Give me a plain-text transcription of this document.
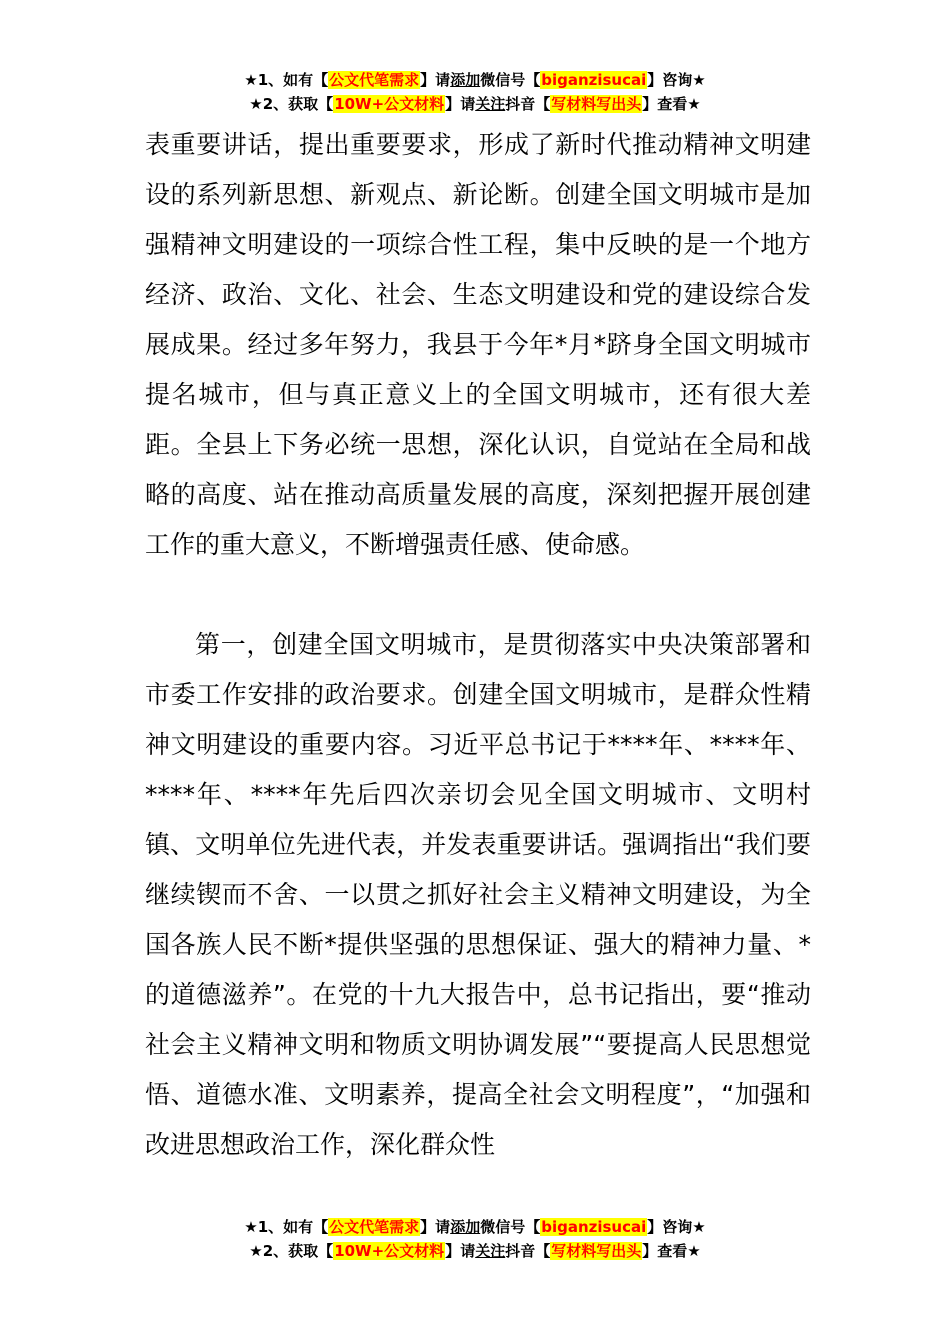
★1、如有【公文代笔需求】请添加微信号【biganzisucai】咨询★
★2、获取【10W+公文材料】请关注抖音【写材料写出头】查看★

表重要讲话，提出重要要求，形成了新时代推动精神文明建设的系列新思想、新观点、新论断。创建全国文明城市是加强精神文明建设的一项综合性工程，集中反映的是一个地方经济、政治、文化、社会、生态文明建设和党的建设综合发展成果。经过多年努力，我县于今年*月*跻身全国文明城市提名城市，但与真正意义上的全国文明城市，还有很大差距。全县上下务必统一思想，深化认识，自觉站在全局和战略的高度、站在推动高质量发展的高度，深刻把握开展创建工作的重大意义，不断增强责任感、使命感。

第一，创建全国文明城市，是贯彻落实中央决策部署和市委工作安排的政治要求。创建全国文明城市，是群众性精神文明建设的重要内容。习近平总书记于****年、****年、****年、****年先后四次亲切会见全国文明城市、文明村镇、文明单位先进代表，并发表重要讲话。强调指出“我们要继续锲而不舍、一以贯之抓好社会主义精神文明建设，为全国各族人民不断*提供坚强的思想保证、强大的精神力量、*的道德滋养”。在党的十九大报告中，总书记指出，要“推动社会主义精神文明和物质文明协调发展”“要提高人民思想觉悟、道德水准、文明素养，提高全社会文明程度”，“加强和改进思想政治工作，深化群众性

★1、如有【公文代笔需求】请添加微信号【biganzisucai】咨询★
★2、获取【10W+公文材料】请关注抖音【写材料写出头】查看★
